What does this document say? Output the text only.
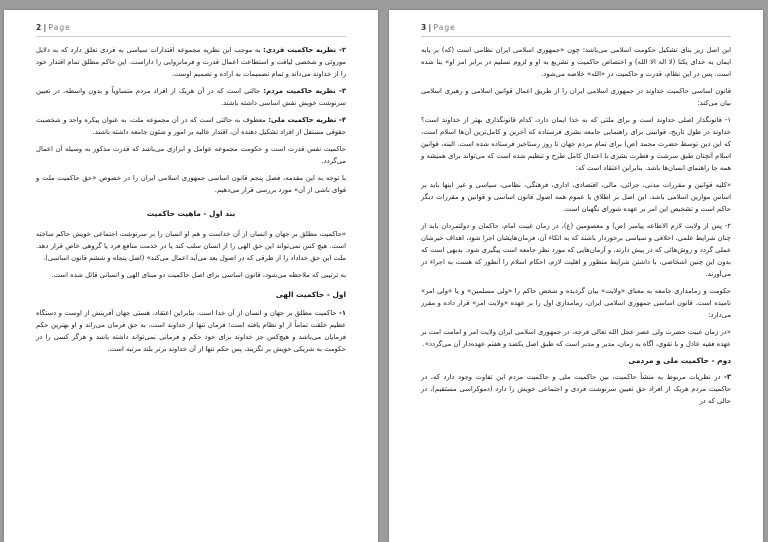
2 | Page

۲- نظریه حاکمیت فردی: به موجب این نظریه مجموعه اقتدارات سیاسی به فردی تعلق دارد که به دلایل موروثی و شخصی لیاقت و استطاعت اعمال قدرت و فرمانروایی را داراست. این حاکم مطلق تمام اقتدار خود را از خداوند می‌داند و تمام تصمیمات به اراده و تصمیم اوست.

۳- نظریه حاکمیت مردم: حالتی است که در آن هریک از افراد مردم متساویاً و بدون واسطه، در تعیین سرنوشت خویش نقش اساسی داشته باشند.

۴- نظریه حاکمیت ملی: معطوف به حالتی است که در آن مجموعه ملت، به عنوان پیکره واحد و شخصیت حقوقی مستقل از افراد تشکیل دهنده آن، اقتدار عالیه بر امور و شئون جامعه داشته باشند.

حاکمیت نفس قدرت است و حکومت مجموعه عوامل و ابزاری می‌باشد که قدرت مذکور به وسیله آن اعمال می‌گردد.

با توجه به این مقدمه، فصل پنجم قانون اساسی جمهوری اسلامی ایران را در خصوص «حق حاکمیت ملت و قوای ناشی از آن» مورد بررسی قرار می‌دهیم.

بند اول - ماهیت حاکمیت

«حاکمیت مطلق بر جهان و انسان از آن خداست و هم او انسان را بر سرنوشت اجتماعی خویش حاکم ساخته است. هیچ کس نمی‌تواند این حق الهی را از انسان سلب کند یا در خدمت منافع فرد یا گروهی خاص قرار دهد. ملت این حق خداداد را از طرقی که در اصول بعد می‌آید اعمال می‌کند» (اصل پنجاه و ششم قانون اساسی).

به ترتیبی که ملاحظه می‌شود، قانون اساسی برای اصل حاکمیت دو مبنای الهی و انسانی قائل شده است.

اول - حاکمیت الهی

۱- حاکمیت مطلق بر جهان و انسان از آن خدا است. بنابراین اعتقاد، هستی جهان آفرینش از اوست و دستگاه عظیم خلقت تماماً از او نظام یافته است؛ فرمان تنها از خداوند است، به حق فرمان می‌راند و او بهترین حکم فرمایان می‌باشد و هیچ‌کس جز خداوند برای خود حکم و فرمانی نمی‌تواند داشته باشد و هرگز کسی را در حکومت به شریکی خویش بر نگزیند، پس حکم تنها از آن خداوند برتر بلند مرتبه است.

3 | Page

این اصل زیر بنای تشکیل حکومت اسلامی می‌باشد؛ چون «جمهوری اسلامی ایران نظامی است (که) بر پایه ایمان به خدای یکتا (لا اله الا الله) و اختصاص حاکمیت و تشریع به او و لزوم تسلیم در برابر امر او» بنا شده است. پس در این نظام، قدرت و حاکمیت در «الله» خلاصه می‌شود.

قانون اساسی حاکمیت خداوند در جمهوری اسلامی ایران را از طریق اعمال قوانین اسلامی و رهبری اسلامی بیان می‌کند:

۱- قانونگذار اصلی خداوند است و برای ملتی که به خدا ایمان دارد، کدام قانونگذاری بهتر از خداوند است؟ خداوند در طول تاریخ، قوانینی برای راهنمایی جامعه بشری فرستاده که آخرین و کامل‌ترین آن‌ها اسلام است، که این دین توسط حضرت محمد (ص) برای تمام مردم جهان تا روز رستاخیز فرستاده شده است. البته، قوانین اسلام آنچنان طبق سرشت و فطرت بشری با اعتدال کامل طرح و تنظیم شده است که می‌تواند برای همیشه و همه جا راهنمای انسان‌ها باشد. بنابراین اعتقاد است که:

«کلیه قوانین و مقررات مدنی، جزائی، مالی، اقتصادی، اداری، فرهنگی، نظامی، سیاسی و غیر اینها باید بر اساس موازین اسلامی باشد. این اصل بر اطلاق یا عموم همه اصول قانون اساسی و قوانین و مقررات دیگر حاکم است و تشخیص این امر بر عهده شورای نگهبان است.

۲- پس از ولایت لازم الاطاعه پیامبر (ص) و معصومین (ع)، در زمان غیبت امام، حاکمان و دولتمردان باید از چنان شرایط علمی، اخلاقی و سیاسی برخوردار باشند که به اتکاء آن، فرمان‌هایشان اجرا شود، اهداف خیرشان عملی گردد و روش‌هائی که در پیش دارند، و آرمان‌هایی که مورد نظر جامعه است پیگیری شود. بدیهی است که بدون این چنین اشخاصی، با داشتن شرایط منظور و اهلیت لازم، احکام اسلام را آنطور که هست به اجراء در می‌آورند.

حکومت و زمامداری جامعه به معنای «ولایت» بیان گردیده و شخص حاکم را «ولی مسلمین» و یا «ولی امر» نامیده است. قانون اساسی جمهوری اسلامی ایران، زمامداری اول را بر عهده «ولایت امر» قرار داده و مقرر می‌دارد:

«در زمان غیبت حضرت ولی عصر عجل الله تعالی فرجه، در جمهوری اسلامی ایران ولایت امر و امامت امت بر عهده فقیه عادل و با تقوی، آگاه به زمان، مدیر و مدبر است که طبق اصل یکصد و هفتم عهده‌دار آن می‌گردد».

دوم - حاکمیت ملی و مردمی

۳- در نظریات مربوط به منشأ حاکمیت، بین حاکمیت ملی و حاکمیت مردم این تفاوت وجود دارد که، در حاکمیت مردم هریک از افراد حق تعیین سرنوشت فردی و اجتماعی خویش را دارد (دموکراسی مستقیم)، در حالی که در
